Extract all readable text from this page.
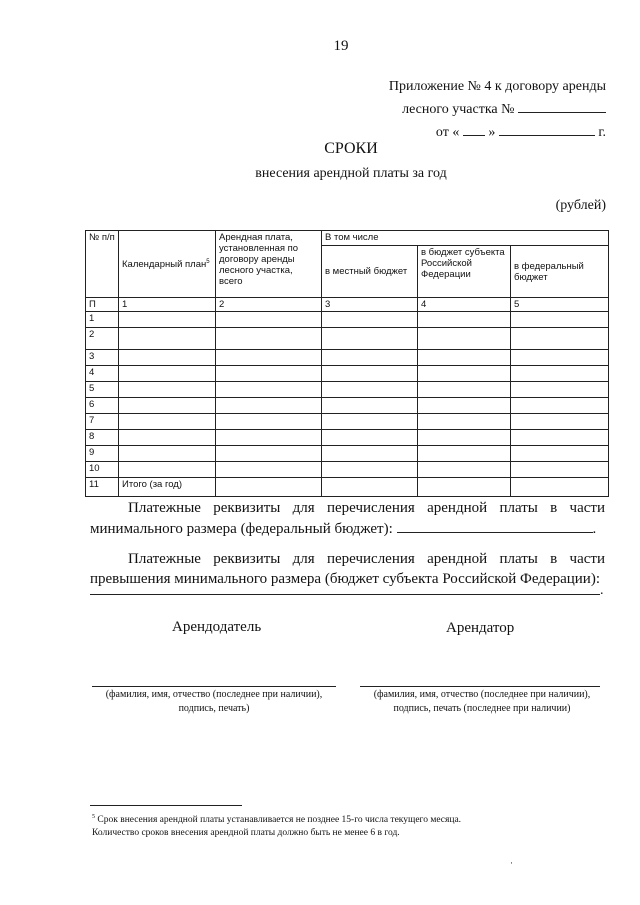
19
Приложение № 4 к договору аренды
лесного участка №
от « »	г.
СРОКИ
внесения арендной платы за год
(рублей)
№ п/п	Календарный план$^5$	Арендная плата, установленная по договору аренды лесного участка, всего	В том числе		
			в местный бюджет	в бюджет субъекта Российской Федерации	в федеральный бюджет
П	1	2	3	4	5
1					
2					
3					
4					
5					
6					
7					
8					
9					
10					
11	Итого (за год)				
Платежные реквизиты для перечисления арендной платы в части минимального размера (федеральный бюджет):	.
Платежные реквизиты для перечисления арендной платы в части превышения минимального размера (бюджет субъекта Российской Федерации):
.
Арендодатель	Арендатор
(фамилия, имя, отчество (последнее при наличии), подпись, печать)
(фамилия, имя, отчество (последнее при наличии), подпись, печать (последнее при наличии)
$^5$ Срок внесения арендной платы устанавливается не позднее 15-го числа текущего месяца.
Количество сроков внесения арендной платы должно быть не менее 6 в год.
·
